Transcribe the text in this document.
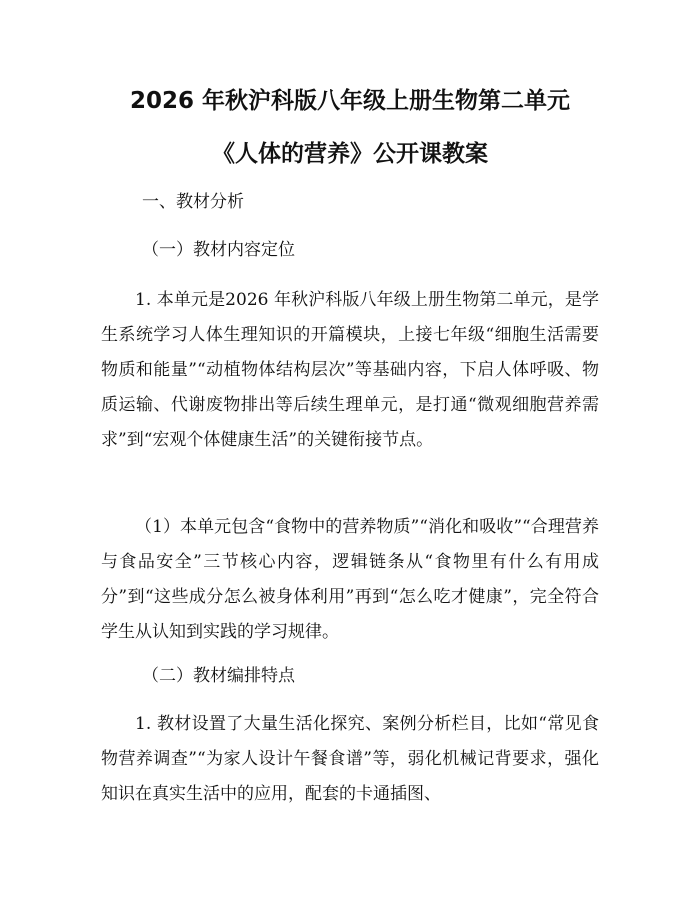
2026 年秋沪科版八年级上册生物第二单元
《人体的营养》公开课教案
一、教材分析
（一）教材内容定位
1. 本单元是2026 年秋沪科版八年级上册生物第二单元，是学生系统学习人体生理知识的开篇模块，上接七年级“细胞生活需要物质和能量”“动植物体结构层次”等基础内容，下启人体呼吸、物质运输、代谢废物排出等后续生理单元，是打通“微观细胞营养需求”到“宏观个体健康生活”的关键衔接节点。
（1）本单元包含“食物中的营养物质”“消化和吸收”“合理营养与食品安全”三节核心内容，逻辑链条从“食物里有什么有用成分”到“这些成分怎么被身体利用”再到“怎么吃才健康”，完全符合学生从认知到实践的学习规律。
（二）教材编排特点
1. 教材设置了大量生活化探究、案例分析栏目，比如“常见食物营养调查”“为家人设计午餐食谱”等，弱化机械记背要求，强化知识在真实生活中的应用，配套的卡通插图、
